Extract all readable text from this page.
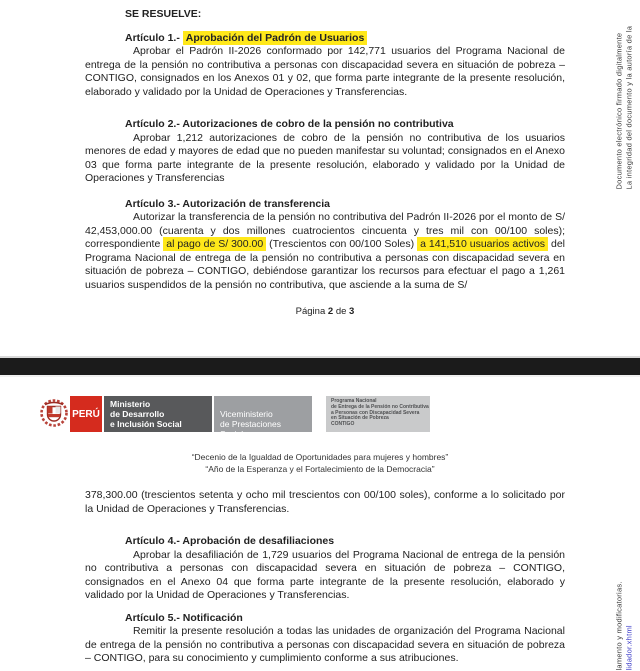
SE RESUELVE:
Artículo 1.- Aprobación del Padrón de Usuarios

Aprobar el Padrón II-2026 conformado por 142,771 usuarios del Programa Nacional de entrega de la pensión no contributiva a personas con discapacidad severa en situación de pobreza – CONTIGO, consignados en los Anexos 01 y 02, que forma parte integrante de la presente resolución, elaborado y validado por la Unidad de Operaciones y Transferencias.

Artículo 2.- Autorizaciones de cobro de la pensión no contributiva

Aprobar 1,212 autorizaciones de cobro de la pensión no contributiva de los usuarios menores de edad y mayores de edad que no pueden manifestar su voluntad; consignados en el Anexo 03 que forma parte integrante de la presente resolución, elaborado y validado por la Unidad de Operaciones y Transferencias

Artículo 3.- Autorización de transferencia

Autorizar la transferencia de la pensión no contributiva del Padrón II-2026 por el monto de S/ 42,453,000.00 (cuarenta y dos millones cuatrocientos cincuenta y tres mil con 00/100 soles); correspondiente al pago de S/ 300.00 (Trescientos con 00/100 Soles) a 141,510 usuarios activos del Programa Nacional de entrega de la pensión no contributiva a personas con discapacidad severa en situación de pobreza – CONTIGO, debiéndose garantizar los recursos para efectuar el pago a 1,261 usuarios suspendidos de la pensión no contributiva, que asciende a la suma de S/

Página 2 de 3
Documento electrónico firmado digitalmente La integridad del documento y la autoría de la
PERÚ
Ministerio
de Desarrollo
e Inclusión Social
Viceministerio
de Prestaciones Sociales
Programa Nacional
de Entrega de la Pensión no Contributiva
a Personas con Discapacidad Severa
en Situación de Pobreza
CONTIGO
“Decenio de la Igualdad de Oportunidades para mujeres y hombres”
“Año de la Esperanza y el Fortalecimiento de la Democracia”

378,300.00 (trescientos setenta y ocho mil trescientos con 00/100 soles), conforme a lo solicitado por la Unidad de Operaciones y Transferencias.

Artículo 4.- Aprobación de desafiliaciones

Aprobar la desafiliación de 1,729 usuarios del Programa Nacional de entrega de la pensión no contributiva a personas con discapacidad severa en situación de pobreza – CONTIGO, consignados en el Anexo 04 que forma parte integrante de la presente resolución, elaborado y validado por la Unidad de Operaciones y Transferencias.

Artículo 5.- Notificación

Remitir la presente resolución a todas las unidades de organización del Programa Nacional de entrega de la pensión no contributiva a personas con discapacidad severa en situación de pobreza – CONTIGO, para su conocimiento y cumplimiento conforme a sus atribuciones.	lamento y modificatorias. lidador.xhtml
